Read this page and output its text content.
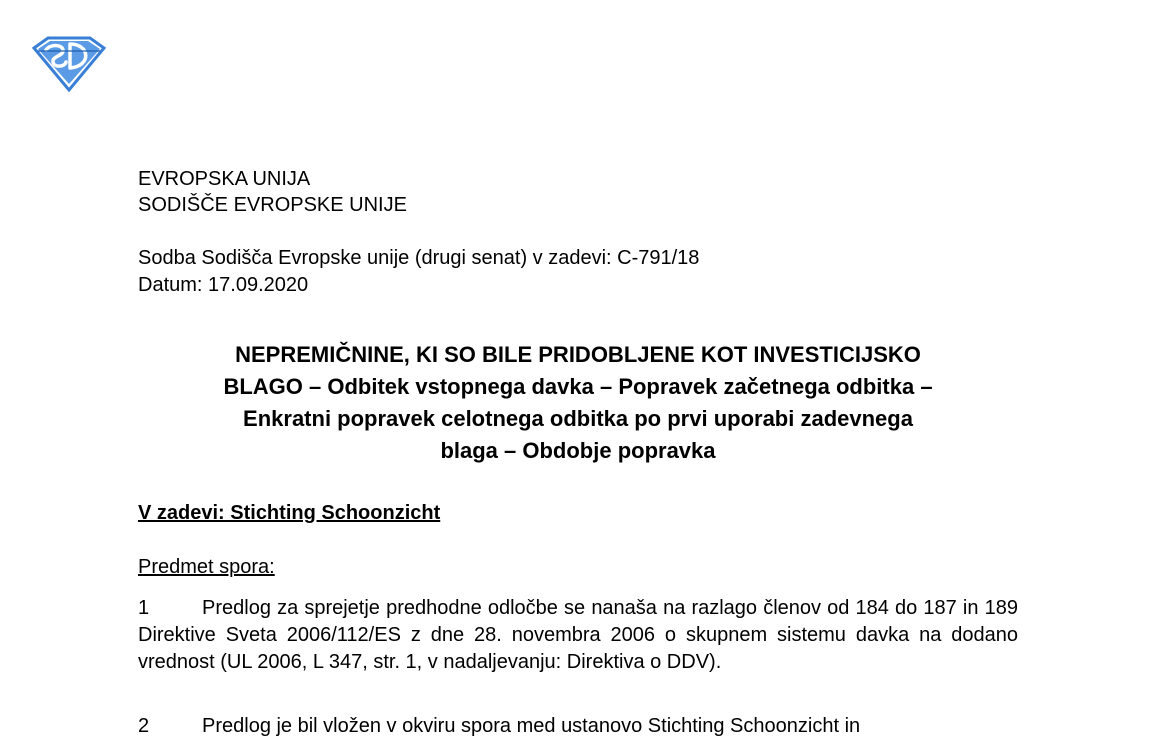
EVROPSKA UNIJA
SODIŠČE EVROPSKE UNIJE
Sodba Sodišča Evropske unije (drugi senat) v zadevi: C-791/18
Datum: 17.09.2020
NEPREMIČNINE, KI SO BILE PRIDOBLJENE KOT INVESTICIJSKO
BLAGO – Odbitek vstopnega davka – Popravek začetnega odbitka –
Enkratni popravek celotnega odbitka po prvi uporabi zadevnega
blaga – Obdobje popravka
V zadevi: Stichting Schoonzicht
Predmet spora:
1	Predlog za sprejetje predhodne odločbe se nanaša na razlago členov od 184 do 187 in 189 Direktive Sveta 2006/112/ES z dne 28. novembra 2006 o skupnem sistemu davka na dodano vrednost (UL 2006, L 347, str. 1, v nadaljevanju: Direktiva o DDV).
2	Predlog je bil vložen v okviru spora med ustanovo Stichting Schoonzicht in
